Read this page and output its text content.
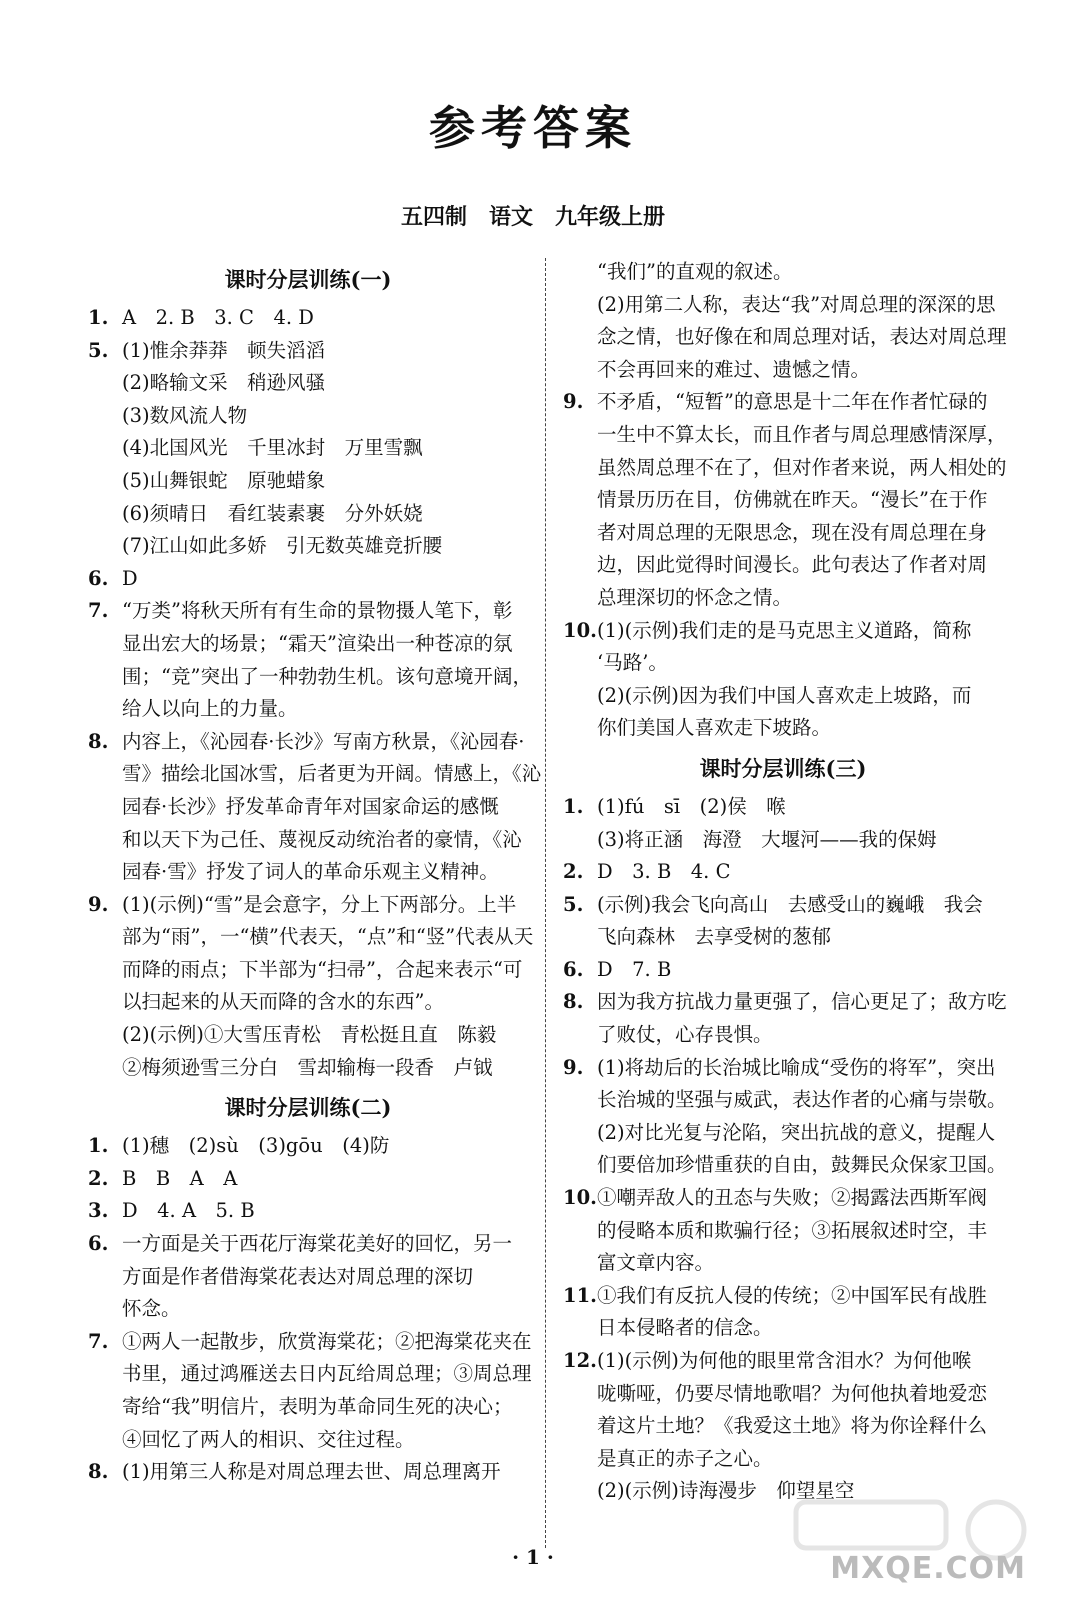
参考答案
五四制　语文　九年级上册
课时分层训练(一)
1. A　2. B　3. C　4. D
5. (1)惟余莽莽　顿失滔滔
(2)略输文采　稍逊风骚
(3)数风流人物
(4)北国风光　千里冰封　万里雪飘
(5)山舞银蛇　原驰蜡象
(6)须晴日　看红装素裹　分外妖娆
(7)江山如此多娇　引无数英雄竞折腰
6. D
7. “万类”将秋天所有有生命的景物摄人笔下，彰
显出宏大的场景；“霜天”渲染出一种苍凉的氛
围；“竞”突出了一种勃勃生机。该句意境开阔，
给人以向上的力量。
8. 内容上，《沁园春·长沙》写南方秋景，《沁园春·
雪》描绘北国冰雪，后者更为开阔。情感上，《沁
园春·长沙》抒发革命青年对国家命运的感慨
和以天下为己任、蔑视反动统治者的豪情，《沁
园春·雪》抒发了词人的革命乐观主义精神。
9. (1)(示例)“雪”是会意字，分上下两部分。上半
部为“雨”，一“横”代表天，“点”和“竖”代表从天
而降的雨点；下半部为“扫帚”，合起来表示“可
以扫起来的从天而降的含水的东西”。
(2)(示例)①大雪压青松　青松挺且直　陈毅
②梅须逊雪三分白　雪却输梅一段香　卢钺
课时分层训练(二)
1. (1)穗　(2)sù　(3)gōu　(4)防
2. B　B　A　A
3. D　4. A　5. B
6. 一方面是关于西花厅海棠花美好的回忆，另一
方面是作者借海棠花表达对周总理的深切
怀念。
7. ①两人一起散步，欣赏海棠花；②把海棠花夹在
书里，通过鸿雁送去日内瓦给周总理；③周总理
寄给“我”明信片，表明为革命同生死的决心；
④回忆了两人的相识、交往过程。
8. (1)用第三人称是对周总理去世、周总理离开
“我们”的直观的叙述。
(2)用第二人称，表达“我”对周总理的深深的思
念之情，也好像在和周总理对话，表达对周总理
不会再回来的难过、遗憾之情。
9. 不矛盾，“短暂”的意思是十二年在作者忙碌的
一生中不算太长，而且作者与周总理感情深厚，
虽然周总理不在了，但对作者来说，两人相处的
情景历历在目，仿佛就在昨天。“漫长”在于作
者对周总理的无限思念，现在没有周总理在身
边，因此觉得时间漫长。此句表达了作者对周
总理深切的怀念之情。
10. (1)(示例)我们走的是马克思主义道路，简称
‘马路’。
(2)(示例)因为我们中国人喜欢走上坡路，而
你们美国人喜欢走下坡路。
课时分层训练(三)
1. (1)fú　sī　(2)侯　喉
(3)将正涵　海澄　大堰河——我的保姆
2. D　3. B　4. C
5. (示例)我会飞向高山　去感受山的巍峨　我会
飞向森林　去享受树的葱郁
6. D　7. B
8. 因为我方抗战力量更强了，信心更足了；敌方吃
了败仗，心存畏惧。
9. (1)将劫后的长治城比喻成“受伤的将军”，突出
长治城的坚强与威武，表达作者的心痛与崇敬。
(2)对比光复与沦陷，突出抗战的意义，提醒人
们要倍加珍惜重获的自由，鼓舞民众保家卫国。
10. ①嘲弄敌人的丑态与失败；②揭露法西斯军阀
的侵略本质和欺骗行径；③拓展叙述时空，丰
富文章内容。
11. ①我们有反抗人侵的传统；②中国军民有战胜
日本侵略者的信念。
12. (1)(示例)为何他的眼里常含泪水？为何他喉
咙嘶哑，仍要尽情地歌唱？为何他执着地爱恋
着这片土地？《我爱这土地》将为你诠释什么
是真正的赤子之心。
(2)(示例)诗海漫步　仰望星空
· 1 ·	MXQE.COM
